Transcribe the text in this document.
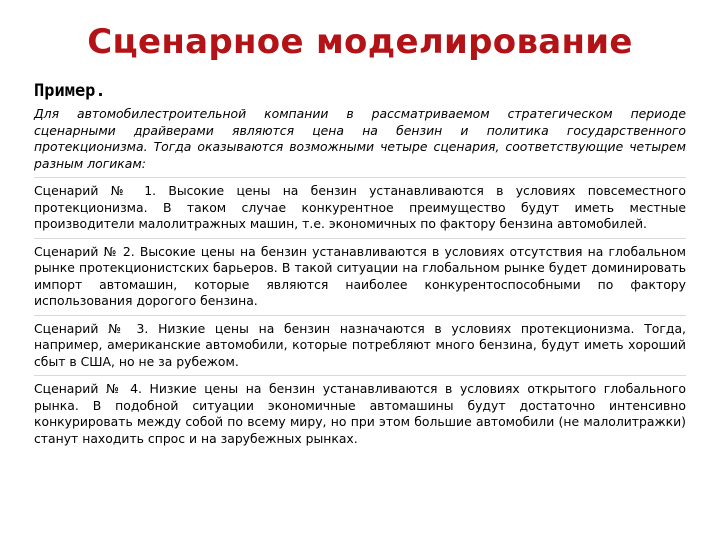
Сценарное моделирование
Пример.

Для автомобилестроительной компании в рассматриваемом стратегическом периоде сценарными драйверами являются цена на бензин и политика государственного протекционизма. Тогда оказываются возможными четыре сценария, соответствующие четырем разным логикам:

Сценарий № 1. Высокие цены на бензин устанавливаются в условиях повсеместного протекционизма. В таком случае конкурентное преимущество будут иметь местные производители малолитражных машин, т.е. экономичных по фактору бензина автомобилей.

Сценарий № 2. Высокие цены на бензин устанавливаются в условиях отсутствия на глобальном рынке протекционистских барьеров. В такой ситуации на глобальном рынке будет доминировать импорт автомашин, которые являются наиболее конкурентоспособными по фактору использования дорогого бензина.

Сценарий № 3. Низкие цены на бензин назначаются в условиях протекционизма. Тогда, например, американские автомобили, которые потребляют много бензина, будут иметь хороший сбыт в США, но не за рубежом.

Сценарий № 4. Низкие цены на бензин устанавливаются в условиях открытого глобального рынка. В подобной ситуации экономичные автомашины будут достаточно интенсивно конкурировать между собой по всему миру, но при этом большие автомобили (не малолитражки) станут находить спрос и на зарубежных рынках.
